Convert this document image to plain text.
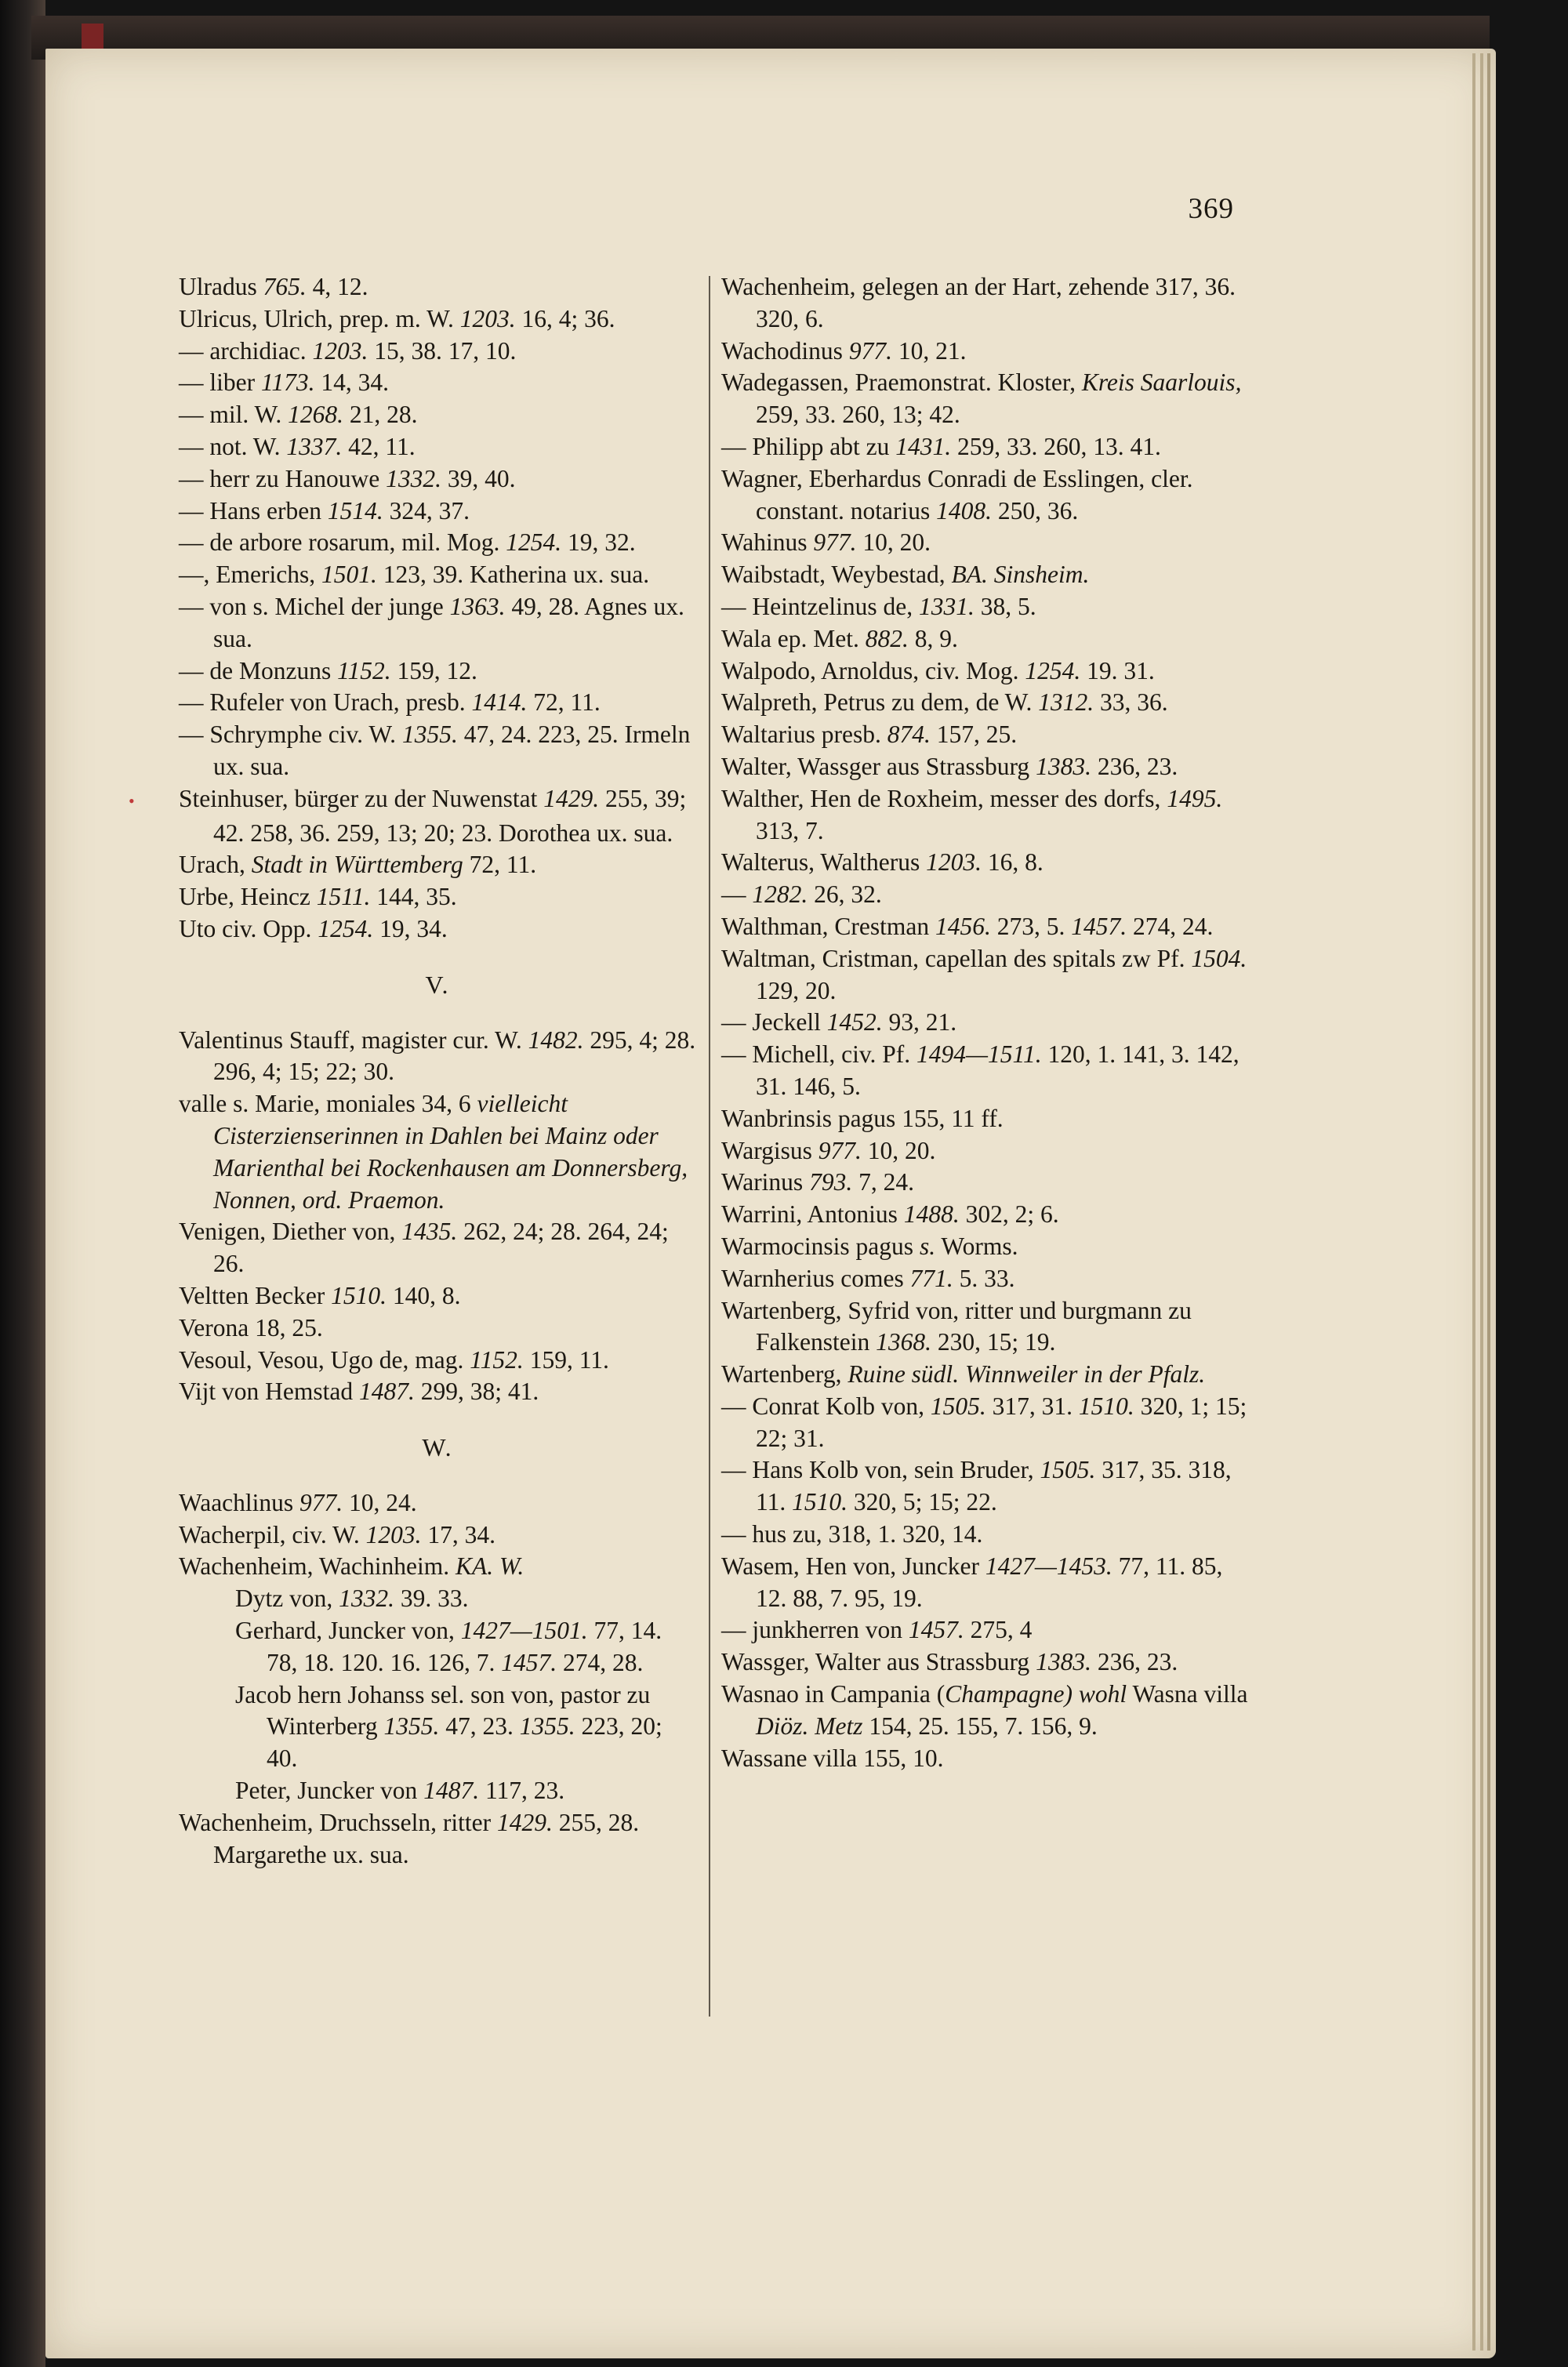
369

Ulradus 765. 4, 12.

Ulricus, Ulrich, prep. m. W. 1203. 16, 4; 36.

— archidiac. 1203. 15, 38. 17, 10.

— liber 1173. 14, 34.

— mil. W. 1268. 21, 28.

— not. W. 1337. 42, 11.

— herr zu Hanouwe 1332. 39, 40.

— Hans erben 1514. 324, 37.

— de arbore rosarum, mil. Mog. 1254. 19, 32.

—, Emerichs, 1501. 123, 39. Katherina ux. sua.

— von s. Michel der junge 1363. 49, 28. Agnes ux. sua.

— de Monzuns 1152. 159, 12.

— Rufeler von Urach, presb. 1414. 72, 11.

— Schrymphe civ. W. 1355. 47, 24. 223, 25. Irmeln ux. sua.

Steinhuser, bürger zu der Nuwenstat 1429. 255, 39; 42. 258, 36. 259, 13; 20; 23. Dorothea ux. sua.

Urach, Stadt in Württemberg 72, 11.

Urbe, Heincz 1511. 144, 35.

Uto civ. Opp. 1254. 19, 34.

V.

Valentinus Stauff, magister cur. W. 1482. 295, 4; 28. 296, 4; 15; 22; 30.

valle s. Marie, moniales 34, 6 vielleicht Cisterzienserinnen in Dahlen bei Mainz oder Marienthal bei Rockenhausen am Donnersberg, Nonnen, ord. Praemon.

Venigen, Diether von, 1435. 262, 24; 28. 264, 24; 26.

Veltten Becker 1510. 140, 8.

Verona 18, 25.

Vesoul, Vesou, Ugo de, mag. 1152. 159, 11.

Vijt von Hemstad 1487. 299, 38; 41.

W.

Waachlinus 977. 10, 24.

Wacherpil, civ. W. 1203. 17, 34.

Wachenheim, Wachinheim. KA. W.

Dytz von, 1332. 39. 33.

Gerhard, Juncker von, 1427—1501. 77, 14. 78, 18. 120. 16. 126, 7. 1457. 274, 28.

Jacob hern Johanss sel. son von, pastor zu Winterberg 1355. 47, 23. 1355. 223, 20; 40.

Peter, Juncker von 1487. 117, 23.

Wachenheim, Druchsseln, ritter 1429. 255, 28. Margarethe ux. sua.

Wachenheim, gelegen an der Hart, zehende 317, 36. 320, 6.

Wachodinus 977. 10, 21.

Wadegassen, Praemonstrat. Kloster, Kreis Saarlouis, 259, 33. 260, 13; 42.

— Philipp abt zu 1431. 259, 33. 260, 13. 41.

Wagner, Eberhardus Conradi de Esslingen, cler. constant. notarius 1408. 250, 36.

Wahinus 977. 10, 20.

Waibstadt, Weybestad, BA. Sinsheim.

— Heintzelinus de, 1331. 38, 5.

Wala ep. Met. 882. 8, 9.

Walpodo, Arnoldus, civ. Mog. 1254. 19. 31.

Walpreth, Petrus zu dem, de W. 1312. 33, 36.

Waltarius presb. 874. 157, 25.

Walter, Wassger aus Strassburg 1383. 236, 23.

Walther, Hen de Roxheim, messer des dorfs, 1495. 313, 7.

Walterus, Waltherus 1203. 16, 8.

— 1282. 26, 32.

Walthman, Crestman 1456. 273, 5. 1457. 274, 24.

Waltman, Cristman, capellan des spitals zw Pf. 1504. 129, 20.

— Jeckell 1452. 93, 21.

— Michell, civ. Pf. 1494—1511. 120, 1. 141, 3. 142, 31. 146, 5.

Wanbrinsis pagus 155, 11 ff.

Wargisus 977. 10, 20.

Warinus 793. 7, 24.

Warrini, Antonius 1488. 302, 2; 6.

Warmocinsis pagus s. Worms.

Warnherius comes 771. 5. 33.

Wartenberg, Syfrid von, ritter und burgmann zu Falkenstein 1368. 230, 15; 19.

Wartenberg, Ruine südl. Winnweiler in der Pfalz.

— Conrat Kolb von, 1505. 317, 31. 1510. 320, 1; 15; 22; 31.

— Hans Kolb von, sein Bruder, 1505. 317, 35. 318, 11. 1510. 320, 5; 15; 22.

— hus zu, 318, 1. 320, 14.

Wasem, Hen von, Juncker 1427—1453. 77, 11. 85, 12. 88, 7. 95, 19.

— junkherren von 1457. 275, 4

Wassger, Walter aus Strassburg 1383. 236, 23.

Wasnao in Campania (Champagne) wohl Wasna villa Diöz. Metz 154, 25. 155, 7. 156, 9.

Wassane villa 155, 10.
